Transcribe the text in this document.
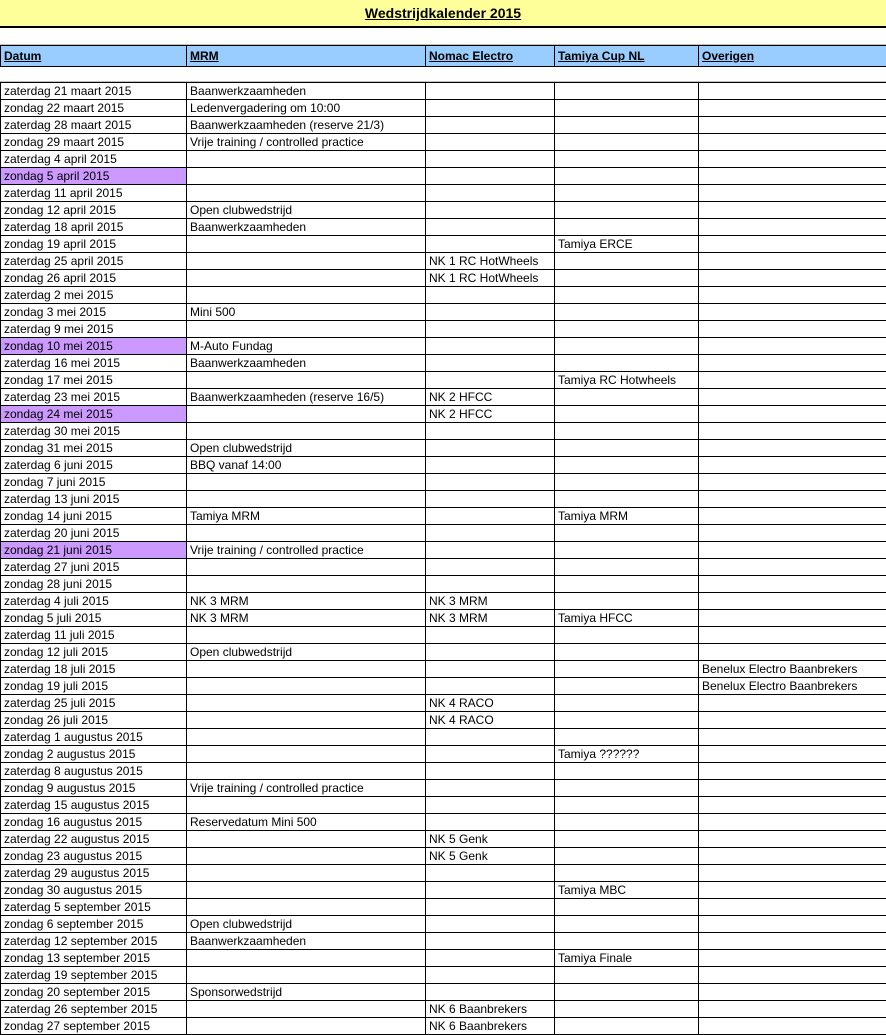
Wedstrijdkalender 2015
Datum	MRM	Nomac Electro	Tamiya Cup NL	Overigen
zaterdag 21 maart 2015	Baanwerkzaamheden			
zondag 22 maart 2015	Ledenvergadering om 10:00			
zaterdag 28 maart 2015	Baanwerkzaamheden (reserve 21/3)			
zondag 29 maart 2015	Vrije training / controlled practice			
zaterdag 4 april 2015				
zondag 5 april 2015				
zaterdag 11 april 2015				
zondag 12 april 2015	Open clubwedstrijd			
zaterdag 18 april 2015	Baanwerkzaamheden			
zondag 19 april 2015			Tamiya ERCE	
zaterdag 25 april 2015		NK 1 RC HotWheels		
zondag 26 april 2015		NK 1 RC HotWheels		
zaterdag 2 mei 2015				
zondag 3 mei 2015	Mini 500			
zaterdag 9 mei 2015				
zondag 10 mei 2015	M-Auto Fundag			
zaterdag 16 mei 2015	Baanwerkzaamheden			
zondag 17 mei 2015			Tamiya RC Hotwheels	
zaterdag 23 mei 2015	Baanwerkzaamheden (reserve 16/5)	NK 2 HFCC		
zondag 24 mei 2015		NK 2 HFCC		
zaterdag 30 mei 2015				
zondag 31 mei 2015	Open clubwedstrijd			
zaterdag 6 juni 2015	BBQ vanaf 14:00			
zondag 7 juni 2015				
zaterdag 13 juni 2015				
zondag 14 juni 2015	Tamiya MRM		Tamiya MRM	
zaterdag 20 juni 2015				
zondag 21 juni 2015	Vrije training / controlled practice			
zaterdag 27 juni 2015				
zondag 28 juni 2015				
zaterdag 4 juli 2015	NK 3 MRM	NK 3 MRM		
zondag 5 juli 2015	NK 3 MRM	NK 3 MRM	Tamiya HFCC	
zaterdag 11 juli 2015				
zondag 12 juli 2015	Open clubwedstrijd			
zaterdag 18 juli 2015				Benelux Electro Baanbrekers
zondag 19 juli 2015				Benelux Electro Baanbrekers
zaterdag 25 juli 2015		NK 4 RACO		
zondag 26 juli 2015		NK 4 RACO		
zaterdag 1 augustus 2015				
zondag 2 augustus 2015			Tamiya ??????	
zaterdag 8 augustus 2015				
zondag 9 augustus 2015	Vrije training / controlled practice			
zaterdag 15 augustus 2015				
zondag 16 augustus 2015	Reservedatum Mini 500			
zaterdag 22 augustus 2015		NK 5 Genk		
zondag 23 augustus 2015		NK 5 Genk		
zaterdag 29 augustus 2015				
zondag 30 augustus 2015			Tamiya MBC	
zaterdag 5 september 2015				
zondag 6 september 2015	Open clubwedstrijd			
zaterdag 12 september 2015	Baanwerkzaamheden			
zondag 13 september 2015			Tamiya Finale	
zaterdag 19 september 2015				
zondag 20 september 2015	Sponsorwedstrijd			
zaterdag 26 september 2015		NK 6 Baanbrekers		
zondag 27 september 2015		NK 6 Baanbrekers		
